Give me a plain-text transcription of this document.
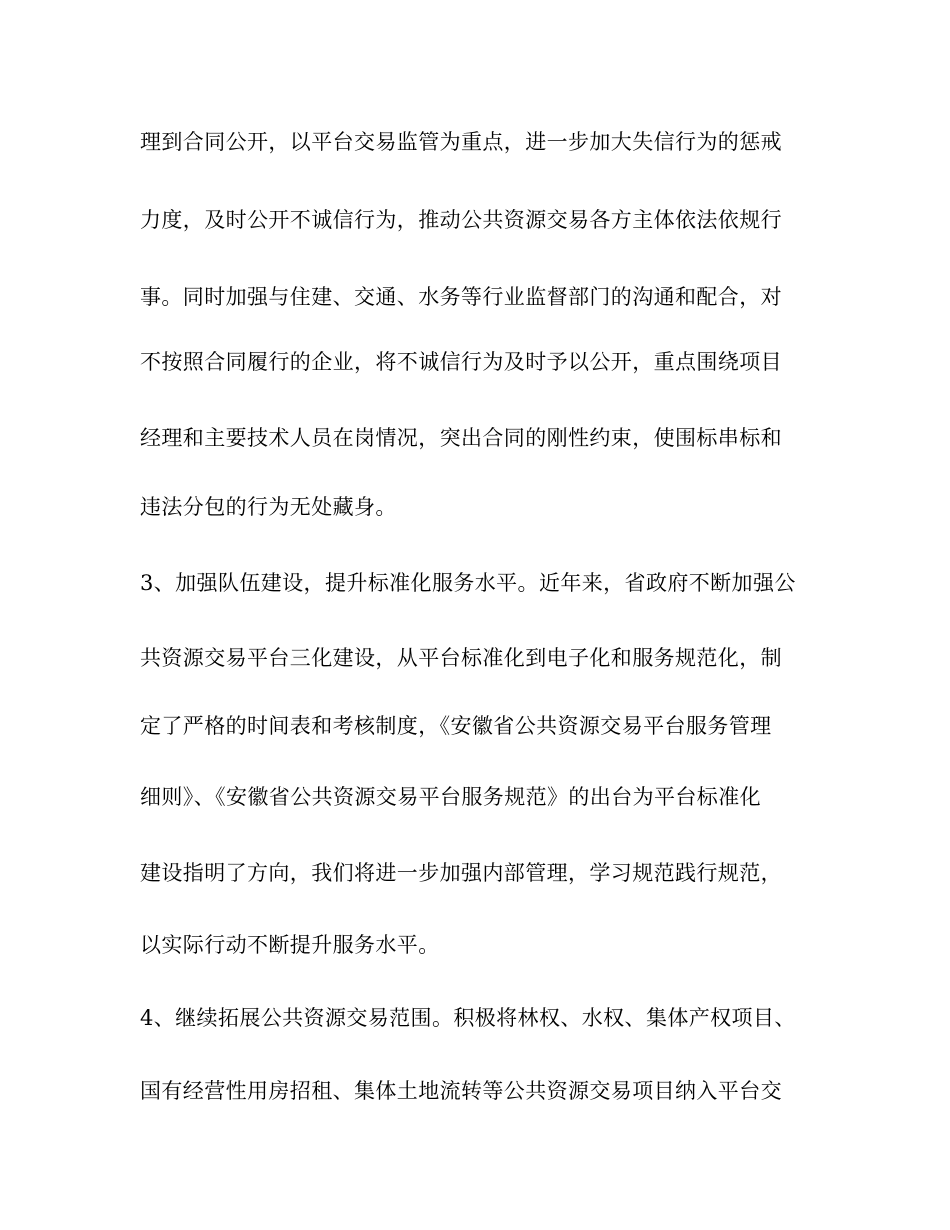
理到合同公开，以平台交易监管为重点，进一步加大失信行为的惩戒
力度，及时公开不诚信行为，推动公共资源交易各方主体依法依规行
事。同时加强与住建、交通、水务等行业监督部门的沟通和配合，对
不按照合同履行的企业，将不诚信行为及时予以公开，重点围绕项目
经理和主要技术人员在岗情况，突出合同的刚性约束，使围标串标和
违法分包的行为无处藏身。
3、加强队伍建设，提升标准化服务水平。近年来，省政府不断加强公
共资源交易平台三化建设，从平台标准化到电子化和服务规范化，制
定了严格的时间表和考核制度，《安徽省公共资源交易平台服务管理
细则》、《安徽省公共资源交易平台服务规范》的出台为平台标准化
建设指明了方向，我们将进一步加强内部管理，学习规范践行规范，
以实际行动不断提升服务水平。
4、继续拓展公共资源交易范围。积极将林权、水权、集体产权项目、
国有经营性用房招租、集体土地流转等公共资源交易项目纳入平台交
